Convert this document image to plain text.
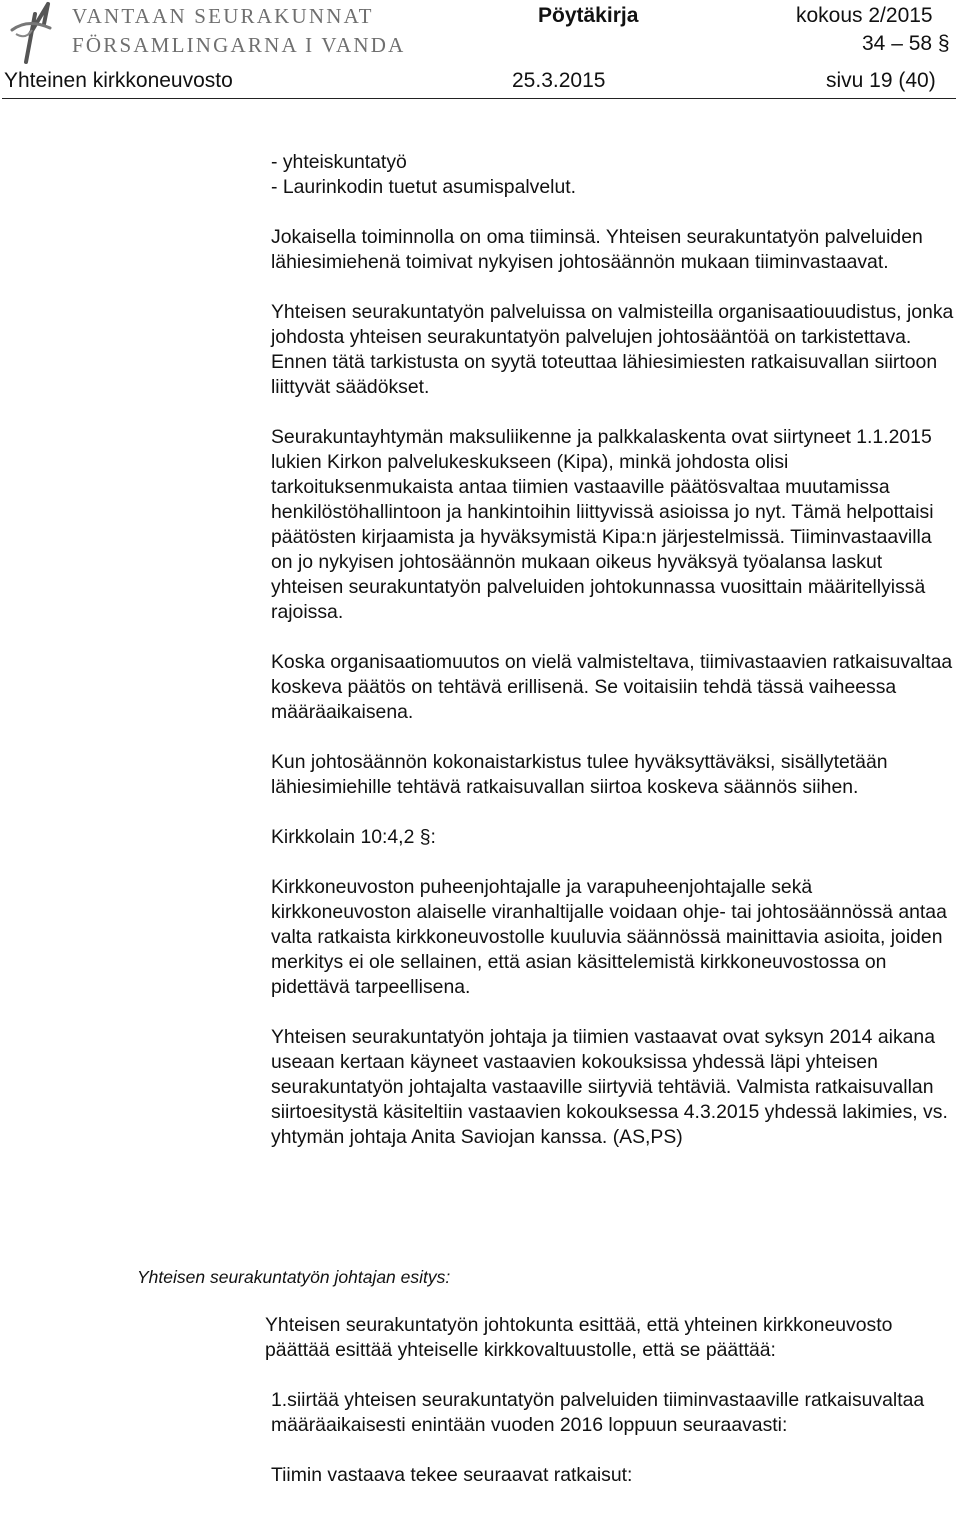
VANTAAN SEURAKUNNAT
FÖRSAMLINGARNA I VANDA
Pöytäkirja	kokous 2/2015
34 – 58 §
Yhteinen kirkkoneuvosto	25.3.2015	sivu 19 (40)
- yhteiskuntatyö
- Laurinkodin tuetut asumispalvelut.

Jokaisella toiminnolla on oma tiiminsä. Yhteisen seurakuntatyön palveluiden lähiesimiehenä toimivat nykyisen johtosäännön mukaan tiiminvastaavat.

Yhteisen seurakuntatyön palveluissa on valmisteilla organisaatiouudistus, jonka johdosta yhteisen seurakuntatyön palvelujen johtosääntöä on tarkistettava. Ennen tätä tarkistusta on syytä toteuttaa lähiesimiesten ratkaisuvallan siirtoon liittyvät säädökset.

Seurakuntayhtymän maksuliikenne ja palkkalaskenta ovat siirtyneet 1.1.2015 lukien Kirkon palvelukeskukseen (Kipa), minkä johdosta olisi tarkoituksenmukaista antaa tiimien vastaaville päätösvaltaa muutamissa henkilöstöhallintoon ja hankintoihin liittyvissä asioissa jo nyt. Tämä helpottaisi päätösten kirjaamista ja hyväksymistä Kipa:n järjestelmissä. Tiiminvastaavilla on jo nykyisen johtosäännön mukaan oikeus hyväksyä työalansa laskut yhteisen seurakuntatyön palveluiden johtokunnassa vuosittain määritellyissä rajoissa.

Koska organisaatiomuutos on vielä valmisteltava, tiimivastaavien ratkaisuvaltaa koskeva päätös on tehtävä erillisenä. Se voitaisiin tehdä tässä vaiheessa määräaikaisena.

Kun johtosäännön kokonaistarkistus tulee hyväksyttäväksi, sisällytetään lähiesimiehille tehtävä ratkaisuvallan siirtoa koskeva säännös siihen.

Kirkkolain 10:4,2 §:

Kirkkoneuvoston puheenjohtajalle ja varapuheenjohtajalle sekä kirkkoneuvoston alaiselle viranhaltijalle voidaan ohje- tai johtosäännössä antaa valta ratkaista kirkkoneuvostolle kuuluvia säännössä mainittavia asioita, joiden merkitys ei ole sellainen, että asian käsittelemistä kirkkoneuvostossa on pidettävä tarpeellisena.

Yhteisen seurakuntatyön johtaja ja tiimien vastaavat ovat syksyn 2014 aikana useaan kertaan käyneet vastaavien kokouksissa yhdessä läpi yhteisen seurakuntatyön johtajalta vastaaville siirtyviä tehtäviä. Valmista ratkaisuvallan siirtoesitystä käsiteltiin vastaavien kokouksessa 4.3.2015 yhdessä lakimies, vs. yhtymän johtaja Anita Saviojan kanssa. (AS,PS)

Yhteisen seurakuntatyön johtajan esitys:

Yhteisen seurakuntatyön johtokunta esittää, että yhteinen kirkkoneuvosto päättää esittää yhteiselle kirkkovaltuustolle, että se päättää:

1.siirtää yhteisen seurakuntatyön palveluiden tiiminvastaaville ratkaisuvaltaa määräaikaisesti enintään vuoden 2016 loppuun seuraavasti:

Tiimin vastaava tekee seuraavat ratkaisut:
